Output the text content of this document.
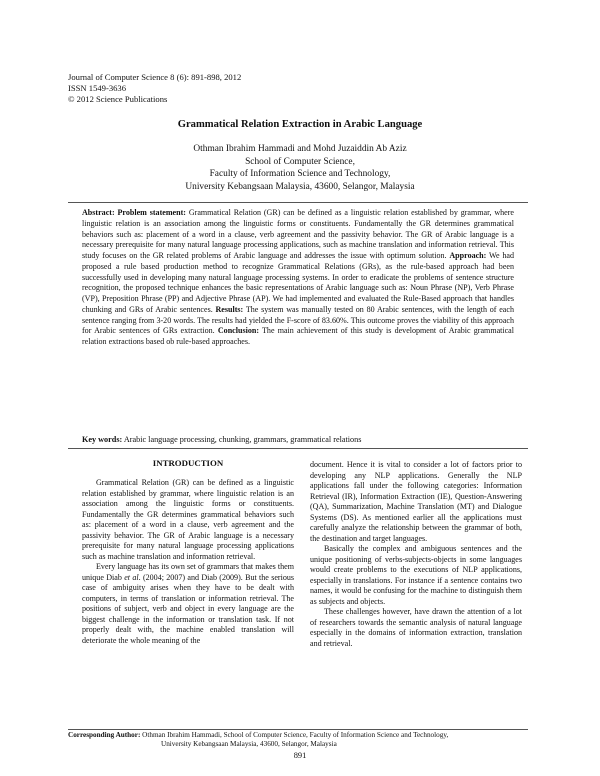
Journal of Computer Science 8 (6): 891-898, 2012
ISSN 1549-3636
© 2012 Science Publications
Grammatical Relation Extraction in Arabic Language
Othman Ibrahim Hammadi and Mohd Juzaiddin Ab Aziz
School of Computer Science,
Faculty of Information Science and Technology,
University Kebangsaan Malaysia, 43600, Selangor, Malaysia
Abstract: Problem statement: Grammatical Relation (GR) can be defined as a linguistic relation established by grammar, where linguistic relation is an association among the linguistic forms or constituents. Fundamentally the GR determines grammatical behaviors such as: placement of a word in a clause, verb agreement and the passivity behavior. The GR of Arabic language is a necessary prerequisite for many natural language processing applications, such as machine translation and information retrieval. This study focuses on the GR related problems of Arabic language and addresses the issue with optimum solution. Approach: We had proposed a rule based production method to recognize Grammatical Relations (GRs), as the rule-based approach had been successfully used in developing many natural language processing systems. In order to eradicate the problems of sentence structure recognition, the proposed technique enhances the basic representations of Arabic language such as: Noun Phrase (NP), Verb Phrase (VP), Preposition Phrase (PP) and Adjective Phrase (AP). We had implemented and evaluated the Rule-Based approach that handles chunking and GRs of Arabic sentences. Results: The system was manually tested on 80 Arabic sentences, with the length of each sentence ranging from 3-20 words. The results had yielded the F-score of 83.60%. This outcome proves the viability of this approach for Arabic sentences of GRs extraction. Conclusion: The main achievement of this study is development of Arabic grammatical relation extractions based ob rule-based approaches.
Key words: Arabic language processing, chunking, grammars, grammatical relations
INTRODUCTION

Grammatical Relation (GR) can be defined as a linguistic relation established by grammar, where linguistic relation is an association among the linguistic forms or constituents. Fundamentally the GR determines grammatical behaviors such as: placement of a word in a clause, verb agreement and the passivity behavior. The GR of Arabic language is a necessary prerequisite for many natural language processing applications such as machine translation and information retrieval.

Every language has its own set of grammars that makes them unique Diab et al. (2004; 2007) and Diab (2009). But the serious case of ambiguity arises when they have to be dealt with computers, in terms of translation or information retrieval. The positions of subject, verb and object in every language are the biggest challenge in the information or translation task. If not properly dealt with, the machine enabled translation will deteriorate the whole meaning of the

document. Hence it is vital to consider a lot of factors prior to developing any NLP applications. Generally the NLP applications fall under the following categories: Information Retrieval (IR), Information Extraction (IE), Question-Answering (QA), Summarization, Machine Translation (MT) and Dialogue Systems (DS). As mentioned earlier all the applications must carefully analyze the relationship between the grammar of both, the destination and target languages.

Basically the complex and ambiguous sentences and the unique positioning of verbs-subjects-objects in some languages would create problems to the executions of NLP applications, especially in translations. For instance if a sentence contains two names, it would be confusing for the machine to distinguish them as subjects and objects.

These challenges however, have drawn the attention of a lot of researchers towards the semantic analysis of natural language especially in the domains of information extraction, translation and retrieval.

Corresponding Author: Othman Ibrahim Hammadi, School of Computer Science, Faculty of Information Science and Technology,
University Kebangsaan Malaysia, 43600, Selangor, Malaysia
891
